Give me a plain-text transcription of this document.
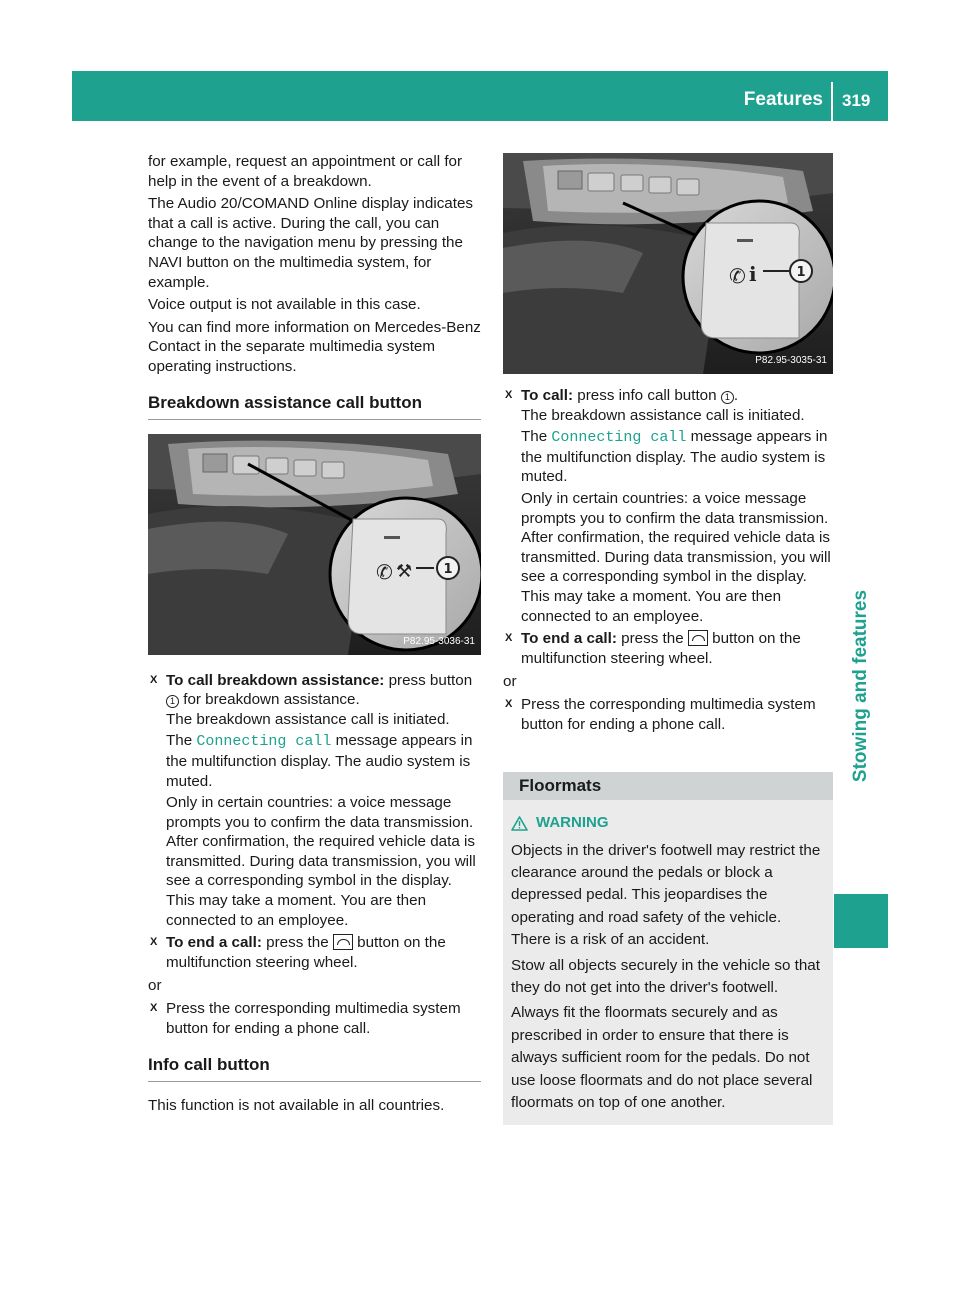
Features 319
Stowing and features

for example, request an appointment or call for help in the event of a breakdown.

The Audio 20/COMAND Online display indicates that a call is active. During the call, you can change to the navigation menu by pressing the NAVI button on the multimedia system, for example.

Voice output is not available in this case.

You can find more information on Mercedes-Benz Contact in the separate multimedia system operating instructions.

Breakdown assistance call button
✆ ⚒ 1
P82.95-3036-31
X To call breakdown assistance: press button 1 for breakdown assistance.

The breakdown assistance call is initiated.

The Connecting call message appears in the multifunction display. The audio system is muted.

Only in certain countries: a voice message prompts you to confirm the data transmission. After confirmation, the required vehicle data is transmitted. During data transmission, you will see a corresponding symbol in the display. This may take a moment. You are then connected to an employee.

X To end a call: press the button on the multifunction steering wheel.

or

X Press the corresponding multimedia system button for ending a phone call.

Info call button

This function is not available in all countries.

✆ i	1
P82.95-3035-31
X To call: press info call button 1 .

The breakdown assistance call is initiated.

The Connecting call message appears in the multifunction display. The audio system is muted.

Only in certain countries: a voice message prompts you to confirm the data transmission. After confirmation, the required vehicle data is transmitted. During data transmission, you will see a corresponding symbol in the display. This may take a moment. You are then connected to an employee.

X To end a call: press the button on the multifunction steering wheel.

or

X Press the corresponding multimedia system button for ending a phone call.

Floormats
WARNING

Objects in the driver's footwell may restrict the clearance around the pedals or block a depressed pedal. This jeopardises the operating and road safety of the vehicle. There is a risk of an accident.

Stow all objects securely in the vehicle so that they do not get into the driver's footwell.

Always fit the floormats securely and as prescribed in order to ensure that there is always sufficient room for the pedals. Do not use loose floormats and do not place several floormats on top of one another.
